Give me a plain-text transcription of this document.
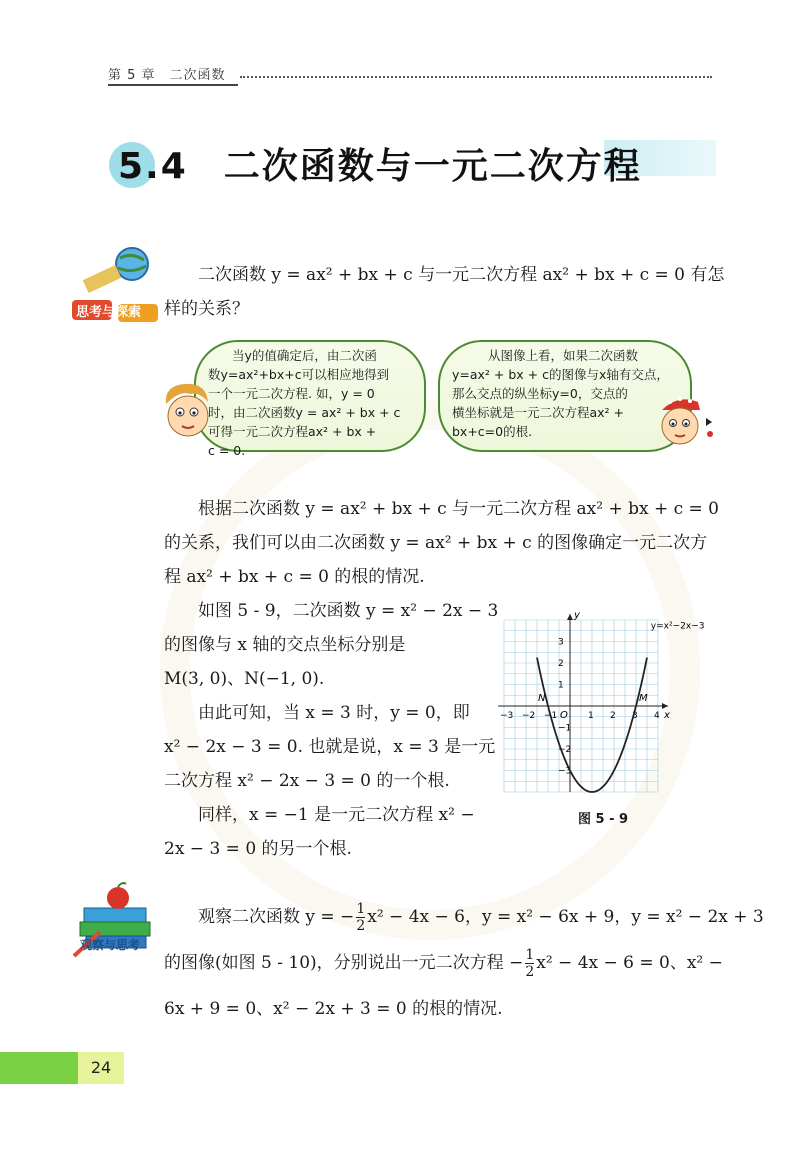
第 5 章　二次函数
5.4 二次函数与一元二次方程
思考与探索
二次函数 y = ax² + bx + c 与一元二次方程 ax² + bx + c = 0 有怎
样的关系？
当y的值确定后，由二次函
数y=ax²+bx+c可以相应地得到
一个一元二次方程. 如，y = 0
时，由二次函数y = ax² + bx + c
可得一元二次方程ax² + bx +
c = 0.
从图像上看，如果二次函数
y=ax² + bx + c的图像与x轴有交点，
那么交点的纵坐标y=0，交点的
横坐标就是一元二次方程ax² +
bx+c=0的根.
根据二次函数 y = ax² + bx + c 与一元二次方程 ax² + bx + c = 0
的关系，我们可以由二次函数 y = ax² + bx + c 的图像确定一元二次方
程 ax² + bx + c = 0 的根的情况.
如图 5 - 9，二次函数 y = x² − 2x − 3
的图像与 x 轴的交点坐标分别是
M(3, 0)、N(−1, 0).
由此可知，当 x = 3 时，y = 0，即
x² − 2x − 3 = 0. 也就是说，x = 3 是一元
二次方程 x² − 2x − 3 = 0 的一个根.
同样，x = −1 是一元二次方程 x² −
2x − 3 = 0 的另一个根.
−3 −2 −1	1 2 3 4
3
2
1
−1
−2
−3
O	x
y
y=x²−2x−3
N	M
图 5 - 9
观察与思考
观察二次函数 y = − $\frac{1}{2} x^2 - 4x - 6$，y = x² − 6x + 9，y = x² − 2x + 3
的图像(如图 5 - 10)，分别说出一元二次方程 − $\frac{1}{2} x^2 - 4x - 6 = 0$、x² −
6x + 9 = 0、x² − 2x + 3 = 0 的根的情况.
24
